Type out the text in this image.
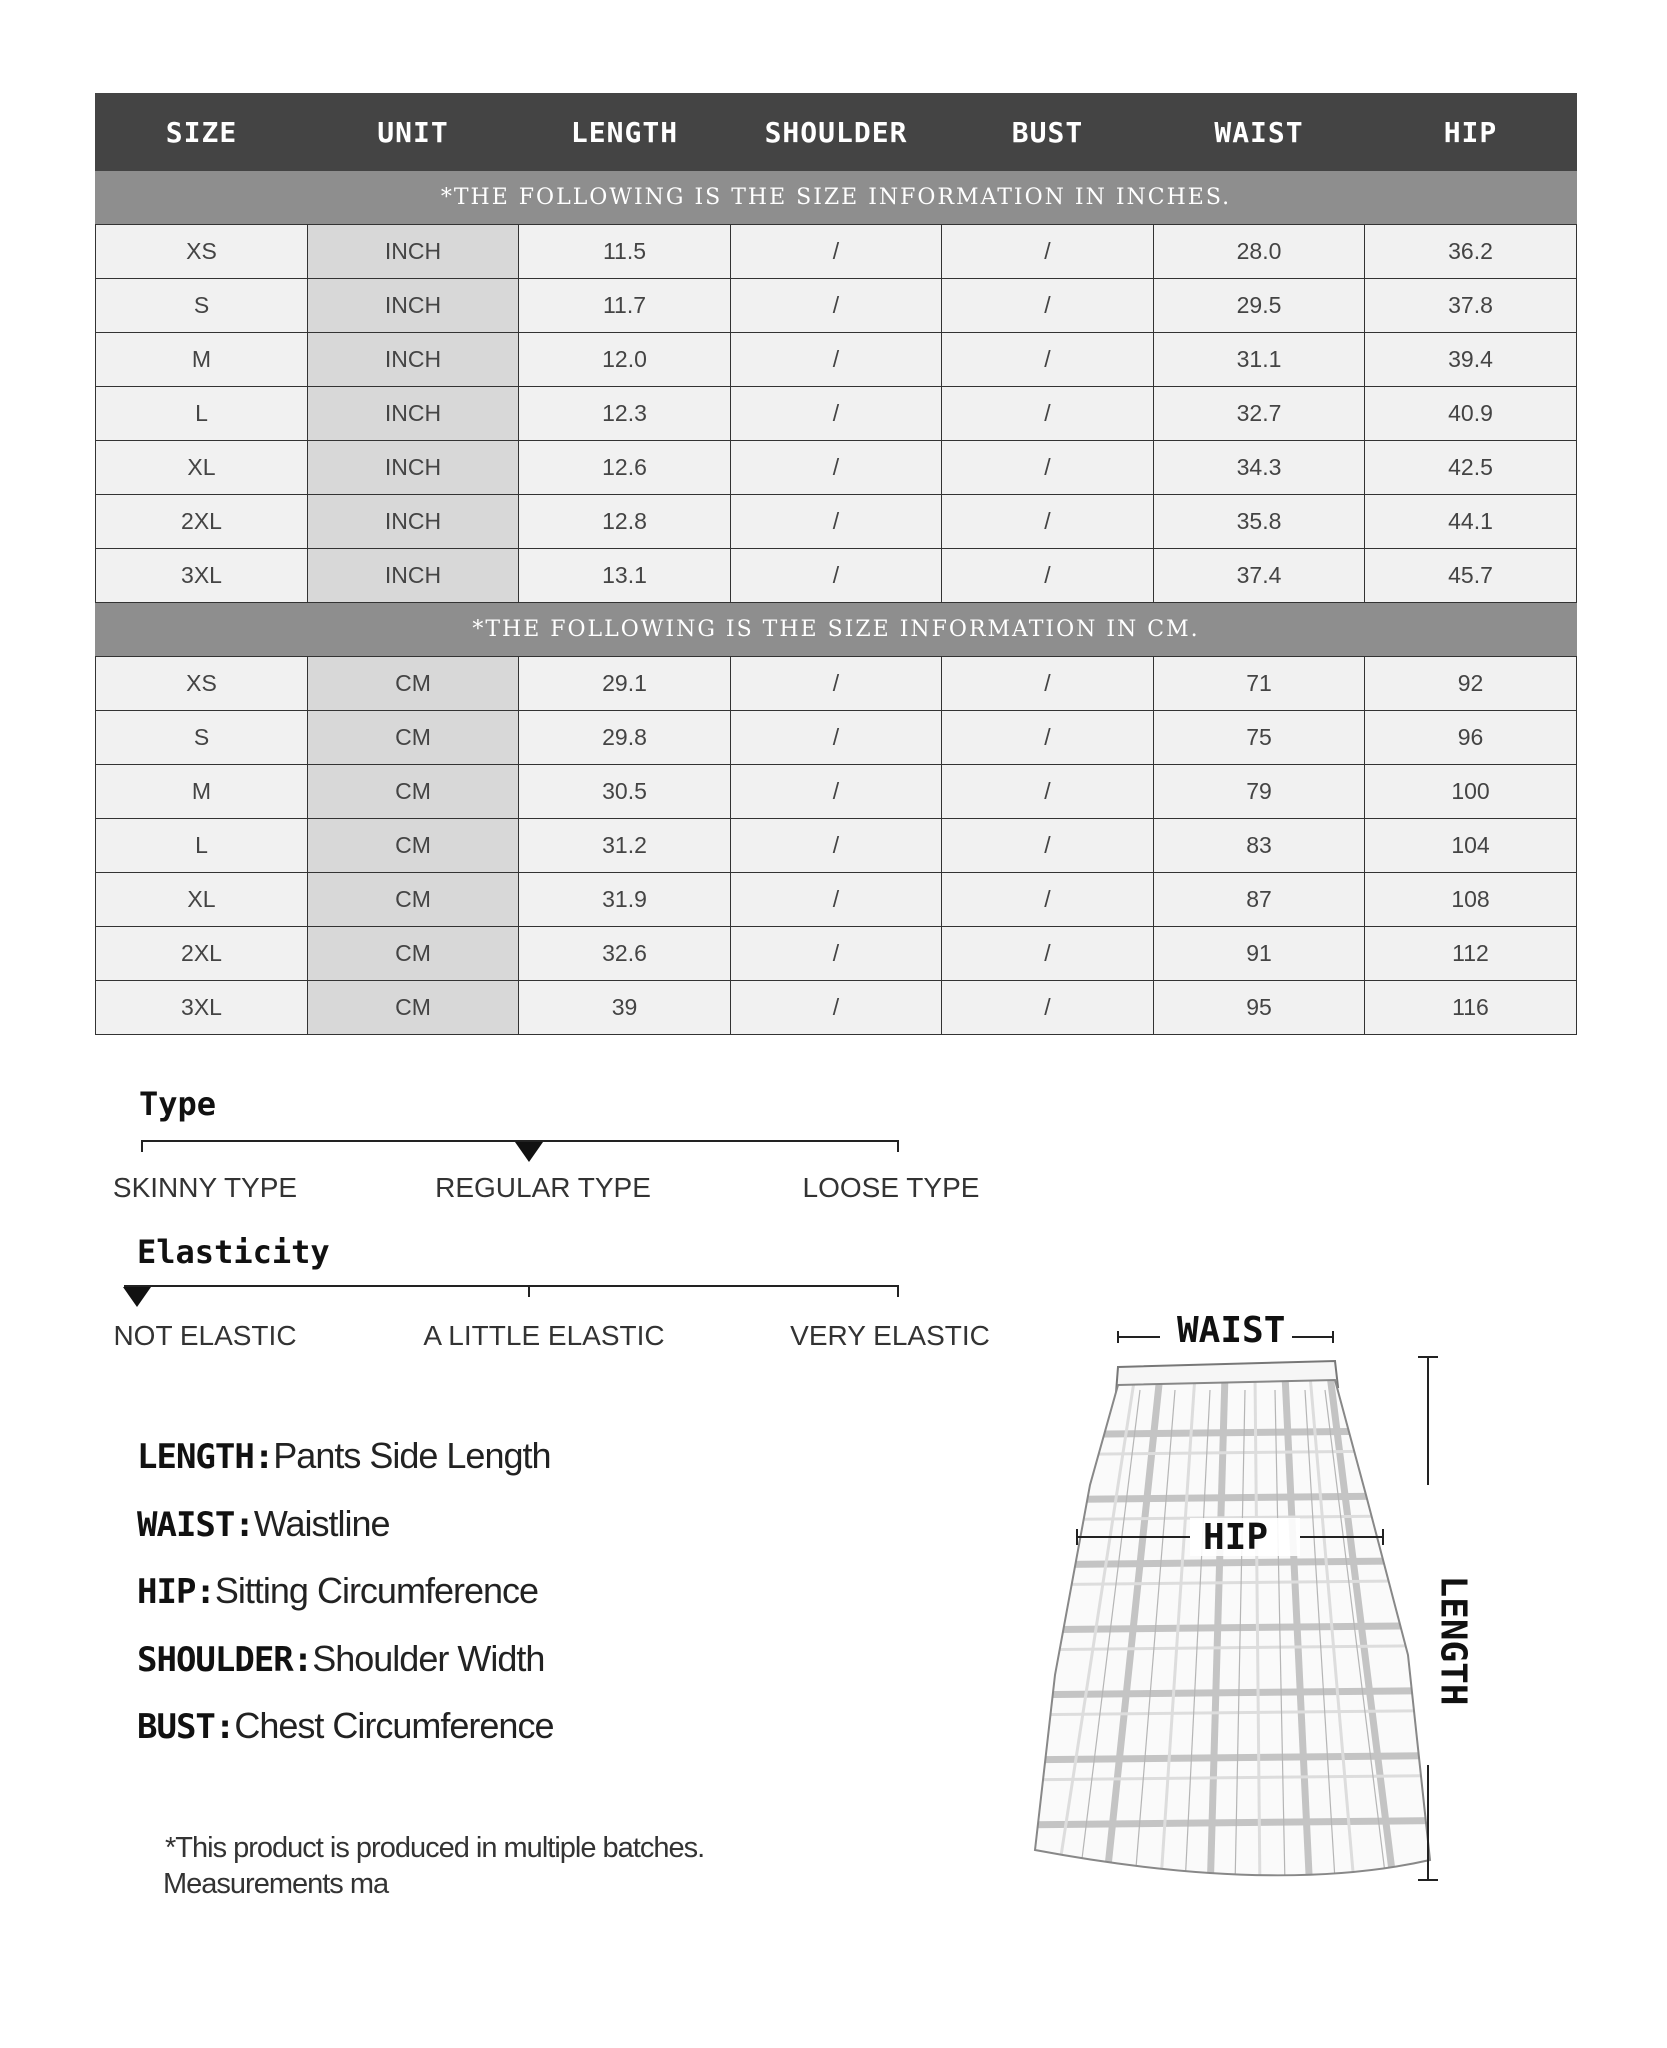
SIZE	UNIT	LENGTH	SHOULDER	BUST	WAIST	HIP
*THE FOLLOWING IS THE SIZE INFORMATION IN INCHES.						
XS	INCH	11.5	/	/	28.0	36.2
S	INCH	11.7	/	/	29.5	37.8
M	INCH	12.0	/	/	31.1	39.4
L	INCH	12.3	/	/	32.7	40.9
XL	INCH	12.6	/	/	34.3	42.5
2XL	INCH	12.8	/	/	35.8	44.1
3XL	INCH	13.1	/	/	37.4	45.7
*THE FOLLOWING IS THE SIZE INFORMATION IN CM.						
XS	CM	29.1	/	/	71	92
S	CM	29.8	/	/	75	96
M	CM	30.5	/	/	79	100
L	CM	31.2	/	/	83	104
XL	CM	31.9	/	/	87	108
2XL	CM	32.6	/	/	91	112
3XL	CM	39	/	/	95	116
Type
SKINNY TYPE	REGULAR TYPE	LOOSE TYPE
Elasticity
NOT ELASTIC	A LITTLE ELASTIC	VERY ELASTIC
LENGTH:Pants Side Length
WAIST:Waistline
HIP:Sitting Circumference
SHOULDER:Shoulder Width
BUST:Chest Circumference
*This product is produced in multiple batches.
Measurements ma
WAIST
HIP
LENGTH
